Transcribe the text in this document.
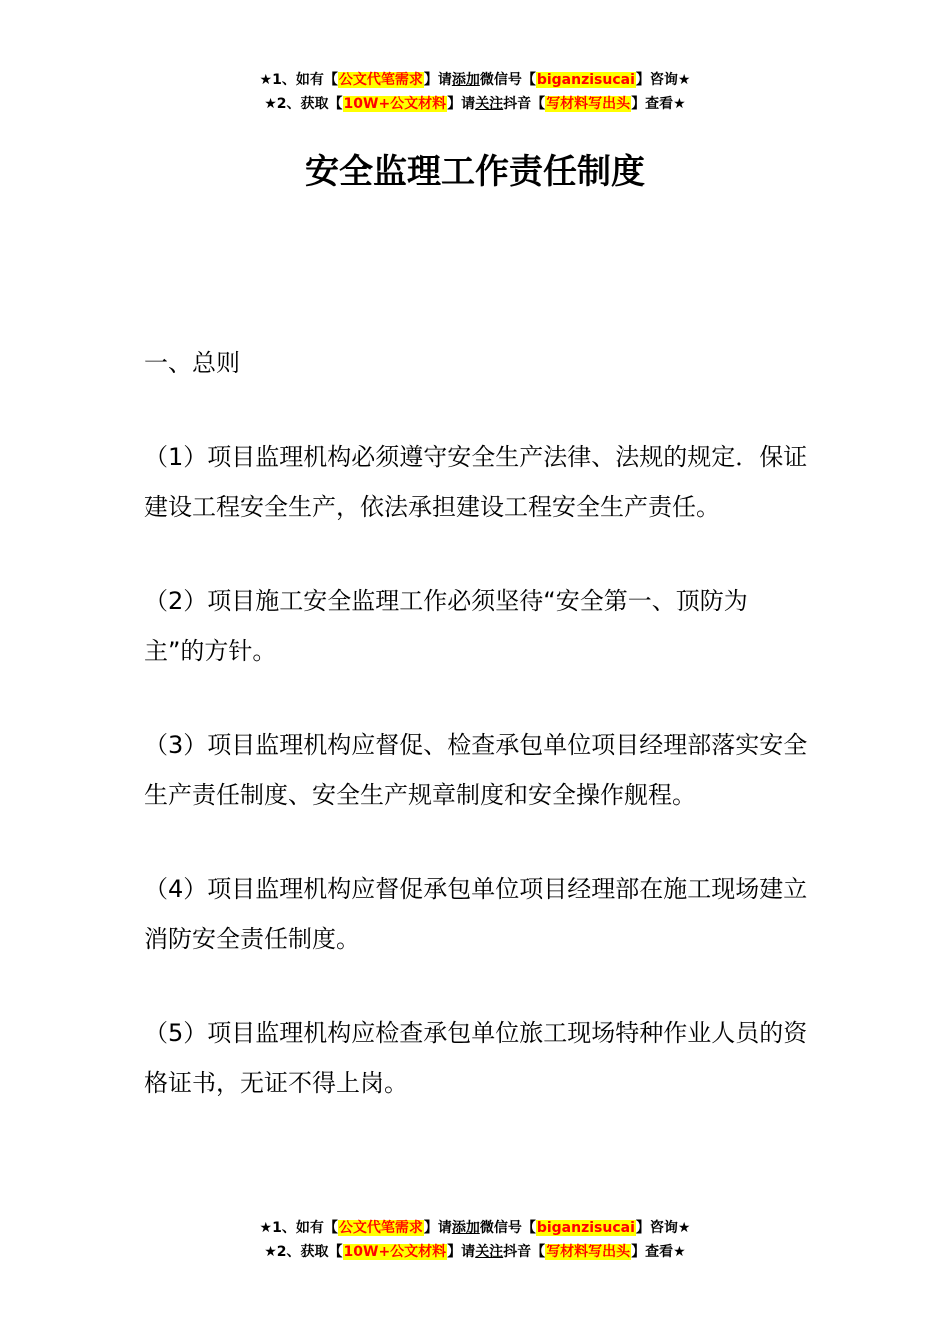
★1、如有【公文代笔需求】请添加微信号【biganzisucai】咨询★
★2、获取【10W+公文材料】请关注抖音【写材料写出头】查看★
安全监理工作责任制度
一、总则

（1）项目监理机构必须遵守安全生产法律、法规的规定．保证建设工程安全生产，依法承担建设工程安全生产责任。

（2）项目施工安全监理工作必须坚待“安全第一、顶防为主”的方针。

（3）项目监理机构应督促、检查承包单位项目经理部落实安全生产责任制度、安全生产规章制度和安全操作舰程。

（4）项目监理机构应督促承包单位项目经理部在施工现场建立消防安全责任制度。

（5）项目监理机构应检查承包单位旅工现场特种作业人员的资格证书，无证不得上岗。

★1、如有【公文代笔需求】请添加微信号【biganzisucai】咨询★
★2、获取【10W+公文材料】请关注抖音【写材料写出头】查看★
